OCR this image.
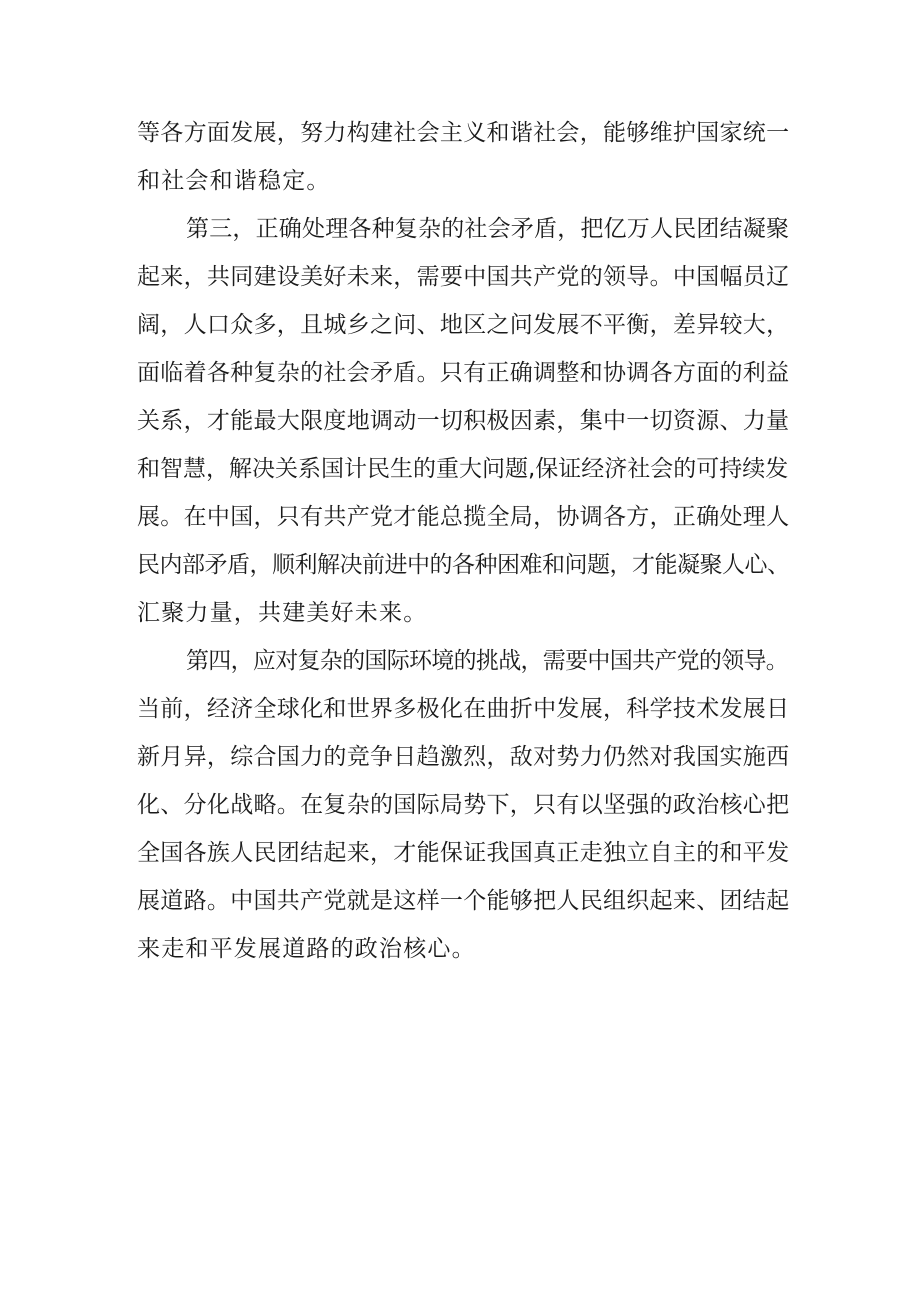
等各方面发展，努力构建社会主义和谐社会，能够维护国家统一

和社会和谐稳定。

第三，正确处理各种复杂的社会矛盾，把亿万人民团结凝聚

起来，共同建设美好未来，需要中国共产党的领导。中国幅员辽

阔，人口众多，且城乡之问、地区之问发展不平衡，差异较大，

面临着各种复杂的社会矛盾。只有正确调整和协调各方面的利益

关系，才能最大限度地调动一切积极因素，集中一切资源、力量

和智慧，解决关系国计民生的重大问题,保证经济社会的可持续发

展。在中国，只有共产党才能总揽全局，协调各方，正确处理人

民内部矛盾，顺利解决前进中的各种困难和问题，才能凝聚人心、

汇聚力量，共建美好未来。

第四，应对复杂的国际环境的挑战，需要中国共产党的领导。

当前，经济全球化和世界多极化在曲折中发展，科学技术发展日

新月异，综合国力的竞争日趋激烈，敌对势力仍然对我国实施西

化、分化战略。在复杂的国际局势下，只有以坚强的政治核心把

全国各族人民团结起来，才能保证我国真正走独立自主的和平发

展道路。中国共产党就是这样一个能够把人民组织起来、团结起

来走和平发展道路的政治核心。
